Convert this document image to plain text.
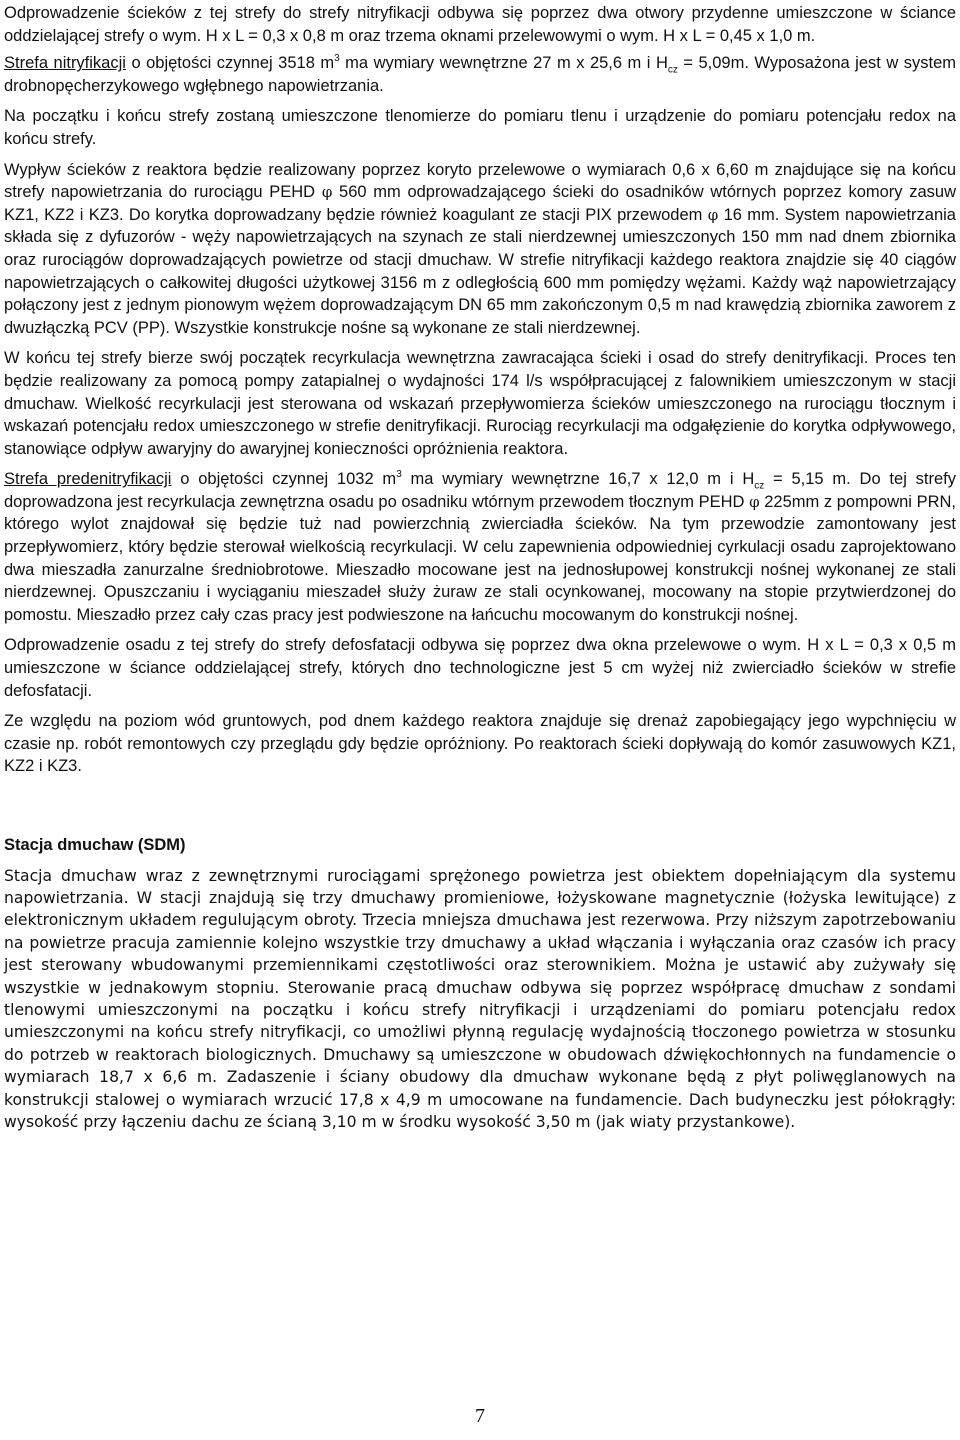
Odprowadzenie ścieków z tej strefy do strefy nitryfikacji odbywa się poprzez dwa otwory przydenne umieszczone w ściance oddzielającej strefy o wym. H x L = 0,3 x 0,8 m oraz trzema oknami przelewowymi o wym. H x L = 0,45 x 1,0 m.

Strefa nitryfikacji o objętości czynnej 3518 $m^3$ ma wymiary wewnętrzne 27 m x 25,6 m i $H_{cz} = 5,09m$. Wyposażona jest w system drobnopęcherzykowego wgłębnego napowietrzania.

Na początku i końcu strefy zostaną umieszczone tlenomierze do pomiaru tlenu i urządzenie do pomiaru potencjału redox na końcu strefy.

Wypływ ścieków z reaktora będzie realizowany poprzez koryto przelewowe o wymiarach 0,6 x 6,60 m znajdujące się na końcu strefy napowietrzania do rurociągu PEHD φ 560 mm odprowadzającego ścieki do osadników wtórnych poprzez komory zasuw KZ1, KZ2 i KZ3. Do korytka doprowadzany będzie również koagulant ze stacji PIX przewodem φ 16 mm. System napowietrzania składa się z dyfuzorów - węży napowietrzających na szynach ze stali nierdzewnej umieszczonych 150 mm nad dnem zbiornika oraz rurociągów doprowadzających powietrze od stacji dmuchaw. W strefie nitryfikacji każdego reaktora znajdzie się 40 ciągów napowietrzających o całkowitej długości użytkowej 3156 m z odległością 600 mm pomiędzy wężami. Każdy wąż napowietrzający połączony jest z jednym pionowym wężem doprowadzającym DN 65 mm zakończonym 0,5 m nad krawędzią zbiornika zaworem z dwuzłączką PCV (PP). Wszystkie konstrukcje nośne są wykonane ze stali nierdzewnej.

W końcu tej strefy bierze swój początek recyrkulacja wewnętrzna zawracająca ścieki i osad do strefy denitryfikacji. Proces ten będzie realizowany za pomocą pompy zatapialnej o wydajności 174 l/s współpracującej z falownikiem umieszczonym w stacji dmuchaw. Wielkość recyrkulacji jest sterowana od wskazań przepływomierza ścieków umieszczonego na rurociągu tłocznym i wskazań potencjału redox umieszczonego w strefie denitryfikacji. Rurociąg recyrkulacji ma odgałęzienie do korytka odpływowego, stanowiące odpływ awaryjny do awaryjnej konieczności opróżnienia reaktora.

Strefa predenitryfikacji o objętości czynnej 1032 $m^3$ ma wymiary wewnętrzne 16,7 x 12,0 m i $H_{cz} = 5,15$ m. Do tej strefy doprowadzona jest recyrkulacja zewnętrzna osadu po osadniku wtórnym przewodem tłocznym PEHD φ 225mm z pompowni PRN, którego wylot znajdował się będzie tuż nad powierzchnią zwierciadła ścieków. Na tym przewodzie zamontowany jest przepływomierz, który będzie sterował wielkością recyrkulacji. W celu zapewnienia odpowiedniej cyrkulacji osadu zaprojektowano dwa mieszadła zanurzalne średniobrotowe. Mieszadło mocowane jest na jednosłupowej konstrukcji nośnej wykonanej ze stali nierdzewnej. Opuszczaniu i wyciąganiu mieszadeł służy żuraw ze stali ocynkowanej, mocowany na stopie przytwierdzonej do pomostu. Mieszadło przez cały czas pracy jest podwieszone na łańcuchu mocowanym do konstrukcji nośnej.

Odprowadzenie osadu z tej strefy do strefy defosfatacji odbywa się poprzez dwa okna przelewowe o wym. H x L = 0,3 x 0,5 m umieszczone w ściance oddzielającej strefy, których dno technologiczne jest 5 cm wyżej niż zwierciadło ścieków w strefie defosfatacji.

Ze względu na poziom wód gruntowych, pod dnem każdego reaktora znajduje się drenaż zapobiegający jego wypchnięciu w czasie np. robót remontowych czy przeglądu gdy będzie opróżniony. Po reaktorach ścieki dopływają do komór zasuwowych KZ1, KZ2 i KZ3.

Stacja dmuchaw (SDM)

Stacja dmuchaw wraz z zewnętrznymi rurociągami sprężonego powietrza jest obiektem dopełniającym dla systemu napowietrzania. W stacji znajdują się trzy dmuchawy promieniowe, łożyskowane magnetycznie (łożyska lewitujące) z elektronicznym układem regulującym obroty. Trzecia mniejsza dmuchawa jest rezerwowa. Przy niższym zapotrzebowaniu na powietrze pracuja zamiennie kolejno wszystkie trzy dmuchawy a układ włączania i wyłączania oraz czasów ich pracy jest sterowany wbudowanymi przemiennikami częstotliwości oraz sterownikiem. Można je ustawić aby zużywały się wszystkie w jednakowym stopniu. Sterowanie pracą dmuchaw odbywa się poprzez współpracę dmuchaw z sondami tlenowymi umieszczonymi na początku i końcu strefy nitryfikacji i urządzeniami do pomiaru potencjału redox umieszczonymi na końcu strefy nitryfikacji, co umożliwi płynną regulację wydajnością tłoczonego powietrza w stosunku do potrzeb w reaktorach biologicznych. Dmuchawy są umieszczone w obudowach dźwiękochłonnych na fundamencie o wymiarach 18,7 x 6,6 m. Zadaszenie i ściany obudowy dla dmuchaw wykonane będą z płyt poliwęglanowych na konstrukcji stalowej o wymiarach wrzucić 17,8 x 4,9 m umocowane na fundamencie. Dach budyneczku jest półokrągły: wysokość przy łączeniu dachu ze ścianą 3,10 m w środku wysokość 3,50 m (jak wiaty przystankowe).

7
